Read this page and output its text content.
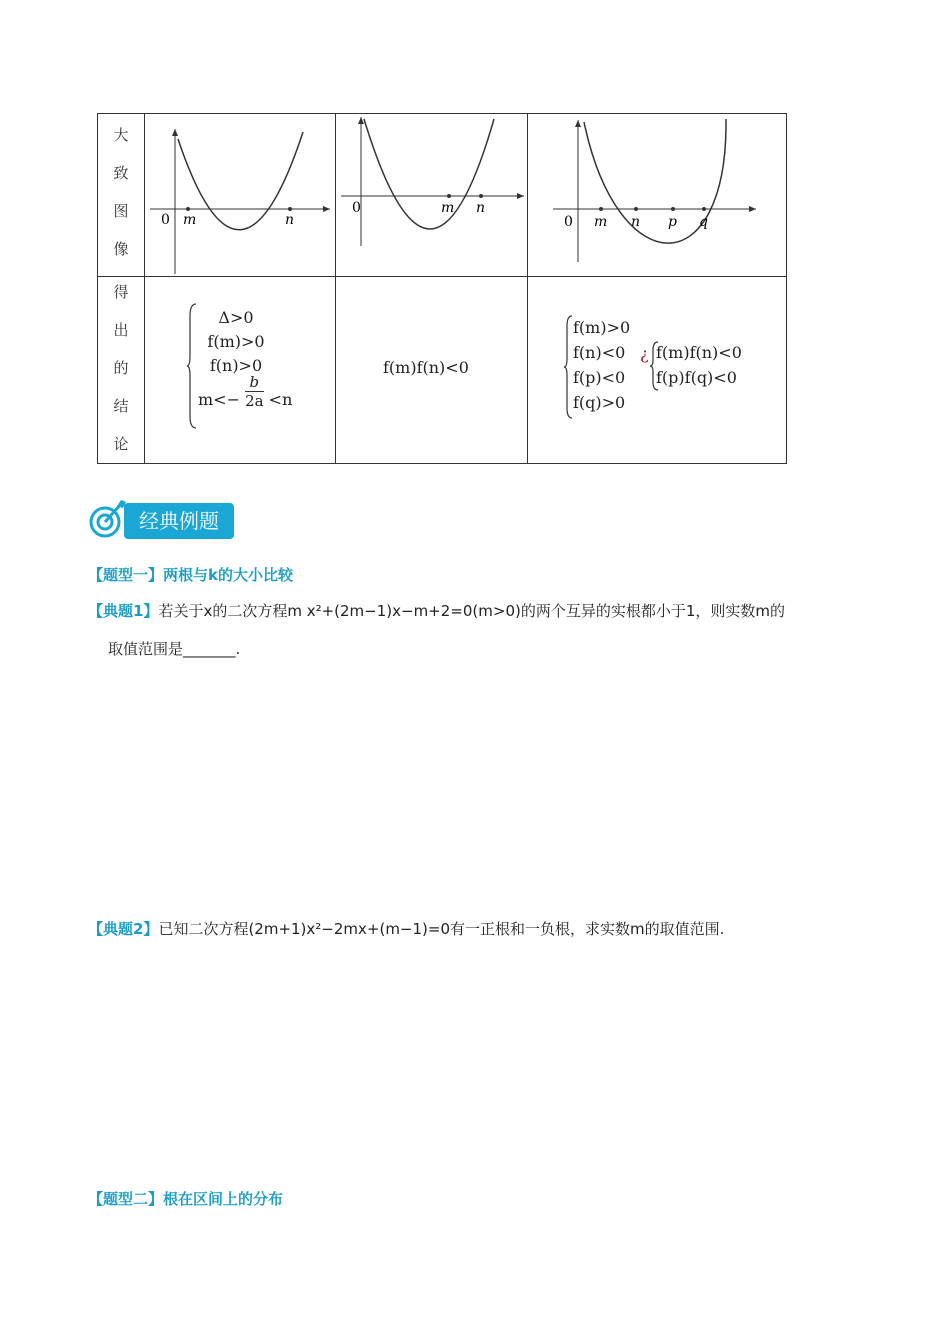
大
致
图
像
得
出
的
结
论
0 m	n
0	m n
0 m n p q
Δ>0
f(m)>0
f(n)>0
$m<- \frac{b}{2a} <n$
f(m)f(n)<0
f(m)>0
f(n)<0
f(p)<0
f(q)>0
¿ f(m)f(n)<0
f(p)f(q)<0
经典例题
【题型一】两根与k的大小比较
【典题1】若关于x的二次方程m x²+(2m−1)x−m+2=0(m>0)的两个互异的实根都小于1，则实数m的
取值范围是_______.
【典题2】已知二次方程(2m+1)x²−2mx+(m−1)=0有一正根和一负根，求实数m的取值范围.
【题型二】根在区间上的分布
